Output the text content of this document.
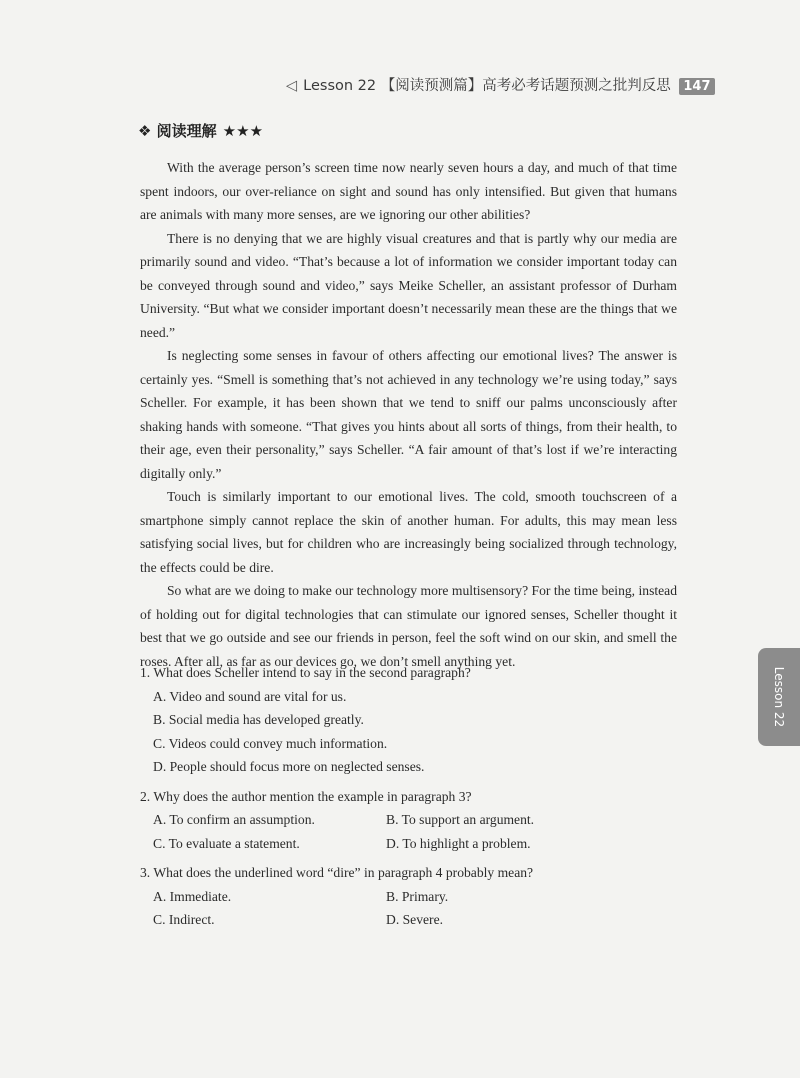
◁ Lesson 22 【阅读预测篇】高考必考话题预测之批判反思 147
❖ 阅读理解 ★★★

With the average person’s screen time now nearly seven hours a day, and much of that time spent indoors, our over-reliance on sight and sound has only intensified. But given that humans are animals with many more senses, are we ignoring our other abilities?

There is no denying that we are highly visual creatures and that is partly why our media are primarily sound and video. “That’s because a lot of information we consider important today can be conveyed through sound and video,” says Meike Scheller, an assistant professor of Durham University. “But what we consider important doesn’t necessarily mean these are the things that we need.”

Is neglecting some senses in favour of others affecting our emotional lives? The answer is certainly yes. “Smell is something that’s not achieved in any technology we’re using today,” says Scheller. For example, it has been shown that we tend to sniff our palms unconsciously after shaking hands with someone. “That gives you hints about all sorts of things, from their health, to their age, even their personality,” says Scheller. “A fair amount of that’s lost if we’re interacting digitally only.”

Touch is similarly important to our emotional lives. The cold, smooth touchscreen of a smartphone simply cannot replace the skin of another human. For adults, this may mean less satisfying social lives, but for children who are increasingly being socialized through technology, the effects could be dire.

So what are we doing to make our technology more multisensory? For the time being, instead of holding out for digital technologies that can stimulate our ignored senses, Scheller thought it best that we go outside and see our friends in person, feel the soft wind on our skin, and smell the roses. After all, as far as our devices go, we don’t smell anything yet.

1. What does Scheller intend to say in the second paragraph?

A. Video and sound are vital for us.
B. Social media has developed greatly.
C. Videos could convey much information.
D. People should focus more on neglected senses.

2. Why does the author mention the example in paragraph 3?

A. To confirm an assumption.	B. To support an argument.
C. To evaluate a statement.	D. To highlight a problem.

3. What does the underlined word “dire” in paragraph 4 probably mean?

A. Immediate.	B. Primary.
C. Indirect.	D. Severe.
Lesson 22
